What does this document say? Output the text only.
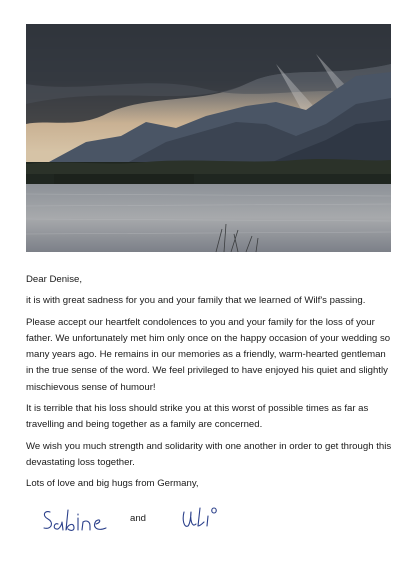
Dear Denise,

it is with great sadness for you and your family that we learned of Wilf's passing.

Please accept our heartfelt condolences to you and your family for the loss of your father. We unfortunately met him only once on the happy occasion of your wedding so many years ago. He remains in our memories as a friendly, warm-hearted gentleman in the true sense of the word. We feel privileged to have enjoyed his quiet and slightly mischievous sense of humour!

It is terrible that his loss should strike you at this worst of possible times as far as travelling and being together as a family are concerned.

We wish you much strength and solidarity with one another in order to get through this devastating loss together.

Lots of love and big hugs from Germany,

and
